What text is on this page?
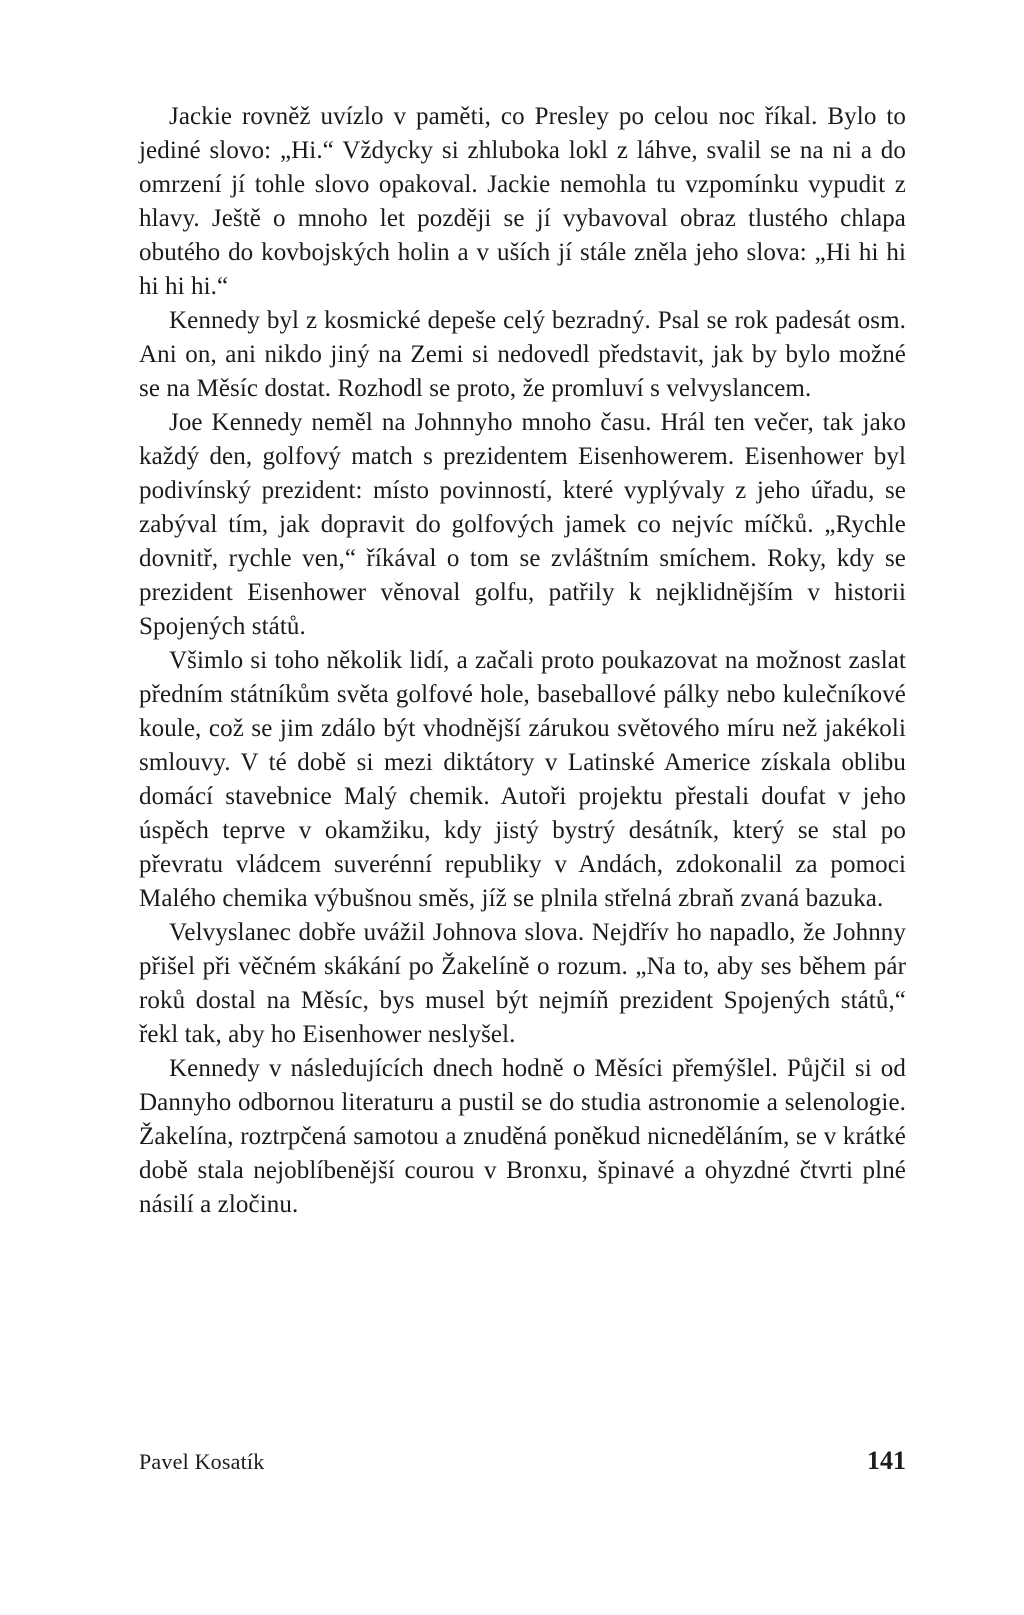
Jackie rovněž uvízlo v paměti, co Presley po celou noc říkal. Bylo to jediné slovo: „Hi.“ Vždycky si zhluboka lokl z láhve, svalil se na ni a do omrzení jí tohle slovo opakoval. Jackie nemohla tu vzpomínku vypudit z hlavy. Ještě o mnoho let později se jí vybavoval obraz tlustého chlapa obutého do kovbojských holin a v uších jí stále zněla jeho slova: „Hi hi hi hi hi hi.“

Kennedy byl z kosmické depeše celý bezradný. Psal se rok padesát osm. Ani on, ani nikdo jiný na Zemi si nedovedl představit, jak by bylo možné se na Měsíc dostat. Rozhodl se proto, že promluví s velvyslancem.

Joe Kennedy neměl na Johnnyho mnoho času. Hrál ten večer, tak jako každý den, golfový match s prezidentem Eisenhowerem. Eisenhower byl podivínský prezident: místo povinností, které vyplývaly z jeho úřadu, se zabýval tím, jak dopravit do golfových jamek co nejvíc míčků. „Rychle dovnitř, rychle ven,“ říkával o tom se zvláštním smíchem. Roky, kdy se prezident Eisenhower věnoval golfu, patřily k nejklidnějším v historii Spojených států.

Všimlo si toho několik lidí, a začali proto poukazovat na možnost zaslat předním státníkům světa golfové hole, baseballové pálky nebo kulečníkové koule, což se jim zdálo být vhodnější zárukou světového míru než jakékoli smlouvy. V té době si mezi diktátory v Latinské Americe získala oblibu domácí stavebnice Malý chemik. Autoři projektu přestali doufat v jeho úspěch teprve v okamžiku, kdy jistý bystrý desátník, který se stal po převratu vládcem suverénní republiky v Andách, zdokonalil za pomoci Malého chemika výbušnou směs, jíž se plnila střelná zbraň zvaná bazuka.

Velvyslanec dobře uvážil Johnova slova. Nejdřív ho napadlo, že Johnny přišel při věčném skákání po Žakelíně o rozum. „Na to, aby ses během pár roků dostal na Měsíc, bys musel být nejmíň prezident Spojených států,“ řekl tak, aby ho Eisenhower neslyšel.

Kennedy v následujících dnech hodně o Měsíci přemýšlel. Půjčil si od Dannyho odbornou literaturu a pustil se do studia astronomie a selenologie. Žakelína, roztrpčená samotou a znuděná poněkud nicneděláním, se v krátké době stala nejoblíbenější courou v Bronxu, špinavé a ohyzdné čtvrti plné násilí a zločinu.

Pavel Kosatík	141
